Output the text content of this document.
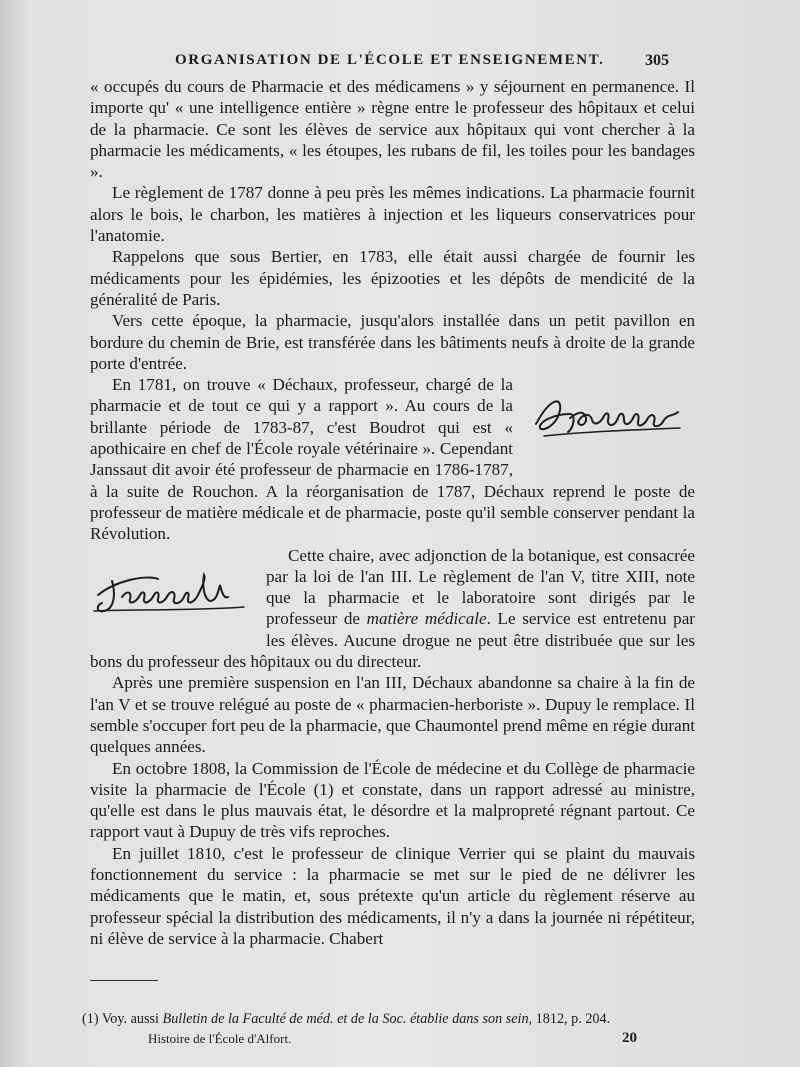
ORGANISATION DE L'ÉCOLE ET ENSEIGNEMENT.	305

« occupés du cours de Pharmacie et des médicamens » y séjournent en permanence. Il importe qu' « une intelligence entière » règne entre le professeur des hôpitaux et celui de la pharmacie. Ce sont les élèves de service aux hôpitaux qui vont chercher à la pharmacie les médicaments, « les étoupes, les rubans de fil, les toiles pour les bandages ».

Le règlement de 1787 donne à peu près les mêmes indications. La pharmacie fournit alors le bois, le charbon, les matières à injection et les liqueurs conservatrices pour l'anatomie.

Rappelons que sous Bertier, en 1783, elle était aussi chargée de fournir les médicaments pour les épidémies, les épizooties et les dépôts de mendicité de la généralité de Paris.

Vers cette époque, la pharmacie, jusqu'alors installée dans un petit pavillon en bordure du chemin de Brie, est transférée dans les bâtiments neufs à droite de la grande porte d'entrée.

En 1781, on trouve « Déchaux, professeur, chargé de la pharmacie et de tout ce qui y a rapport ». Au cours de la brillante période de 1783-87, c'est Boudrot qui est « apothicaire en chef de l'École royale vétérinaire ». Cependant Janssaut dit avoir été professeur de pharmacie en 1786-1787, à la suite de Rouchon. A la réorganisation de 1787, Déchaux reprend le poste de professeur de matière médicale et de pharmacie, poste qu'il semble conserver pendant la Révolution.

Cette chaire, avec adjonction de la botanique, est consacrée par la loi de l'an III. Le règlement de l'an V, titre XIII, note que la pharmacie et le laboratoire sont dirigés par le professeur de matière médicale. Le service est entretenu par les élèves. Aucune drogue ne peut être distribuée que sur les bons du professeur des hôpitaux ou du directeur.

Après une première suspension en l'an III, Déchaux abandonne sa chaire à la fin de l'an V et se trouve relégué au poste de « pharmacien-herboriste ». Dupuy le remplace. Il semble s'occuper fort peu de la pharmacie, que Chaumontel prend même en régie durant quelques années.

En octobre 1808, la Commission de l'École de médecine et du Collège de pharmacie visite la pharmacie de l'École (1) et constate, dans un rapport adressé au ministre, qu'elle est dans le plus mauvais état, le désordre et la malpropreté régnant partout. Ce rapport vaut à Dupuy de très vifs reproches.

En juillet 1810, c'est le professeur de clinique Verrier qui se plaint du mauvais fonctionnement du service : la pharmacie se met sur le pied de ne délivrer les médicaments que le matin, et, sous prétexte qu'un article du règlement réserve au professeur spécial la distribution des médicaments, il n'y a dans la journée ni répétiteur, ni élève de service à la pharmacie. Chabert

(1) Voy. aussi Bulletin de la Faculté de méd. et de la Soc. établie dans son sein, 1812, p. 204.
Histoire de l'École d'Alfort.	20
